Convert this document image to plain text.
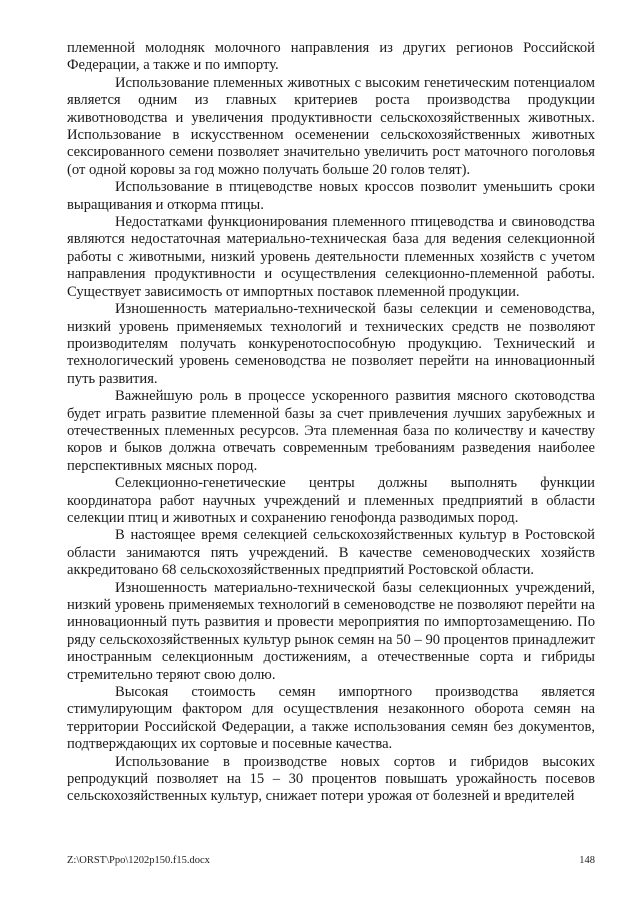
племенной молодняк молочного направления из других регионов Российской Федерации, а также и по импорту.

Использование племенных животных с высоким генетическим потенциалом является одним из главных критериев роста производства продукции животноводства и увеличения продуктивности сельскохозяйственных животных. Использование в искусственном осеменении сельскохозяйственных животных сексированного семени позволяет значительно увеличить рост маточного поголовья (от одной коровы за год можно получать больше 20 голов телят).

Использование в птицеводстве новых кроссов позволит уменьшить сроки выращивания и откорма птицы.

Недостатками функционирования племенного птицеводства и свиноводства являются недостаточная материально-техническая база для ведения селекционной работы с животными, низкий уровень деятельности племенных хозяйств с учетом направления продуктивности и осуществления селекционно-племенной работы. Существует зависимость от импортных поставок племенной продукции.

Изношенность материально-технической базы селекции и семеноводства, низкий уровень применяемых технологий и технических средств не позволяют производителям получать конкуренотоспособную продукцию. Технический и технологический уровень семеноводства не позволяет перейти на инновационный путь развития.

Важнейшую роль в процессе ускоренного развития мясного скотоводства будет играть развитие племенной базы за счет привлечения лучших зарубежных и отечественных племенных ресурсов. Эта племенная база по количеству и качеству коров и быков должна отвечать современным требованиям разведения наиболее перспективных мясных пород.

Селекционно-генетические центры должны выполнять функции координатора работ научных учреждений и племенных предприятий в области селекции птиц и животных и сохранению генофонда разводимых пород.

В настоящее время селекцией сельскохозяйственных культур в Ростовской области занимаются пять учреждений. В качестве семеноводческих хозяйств аккредитовано 68 сельскохозяйственных предприятий Ростовской области.

Изношенность материально-технической базы селекционных учреждений, низкий уровень применяемых технологий в семеноводстве не позволяют перейти на инновационный путь развития и провести мероприятия по импортозамещению. По ряду сельскохозяйственных культур рынок семян на 50 – 90 процентов принадлежит иностранным селекционным достижениям, а отечественные сорта и гибриды стремительно теряют свою долю.

Высокая стоимость семян импортного производства является стимулирующим фактором для осуществления незаконного оборота семян на территории Российской Федерации, а также использования семян без документов, подтверждающих их сортовые и посевные качества.

Использование в производстве новых сортов и гибридов высоких репродукций позволяет на 15 – 30 процентов повышать урожайность посевов сельскохозяйственных культур, снижает потери урожая от болезней и вредителей

Z:\ORST\Ppo\1202p150.f15.docx	148
